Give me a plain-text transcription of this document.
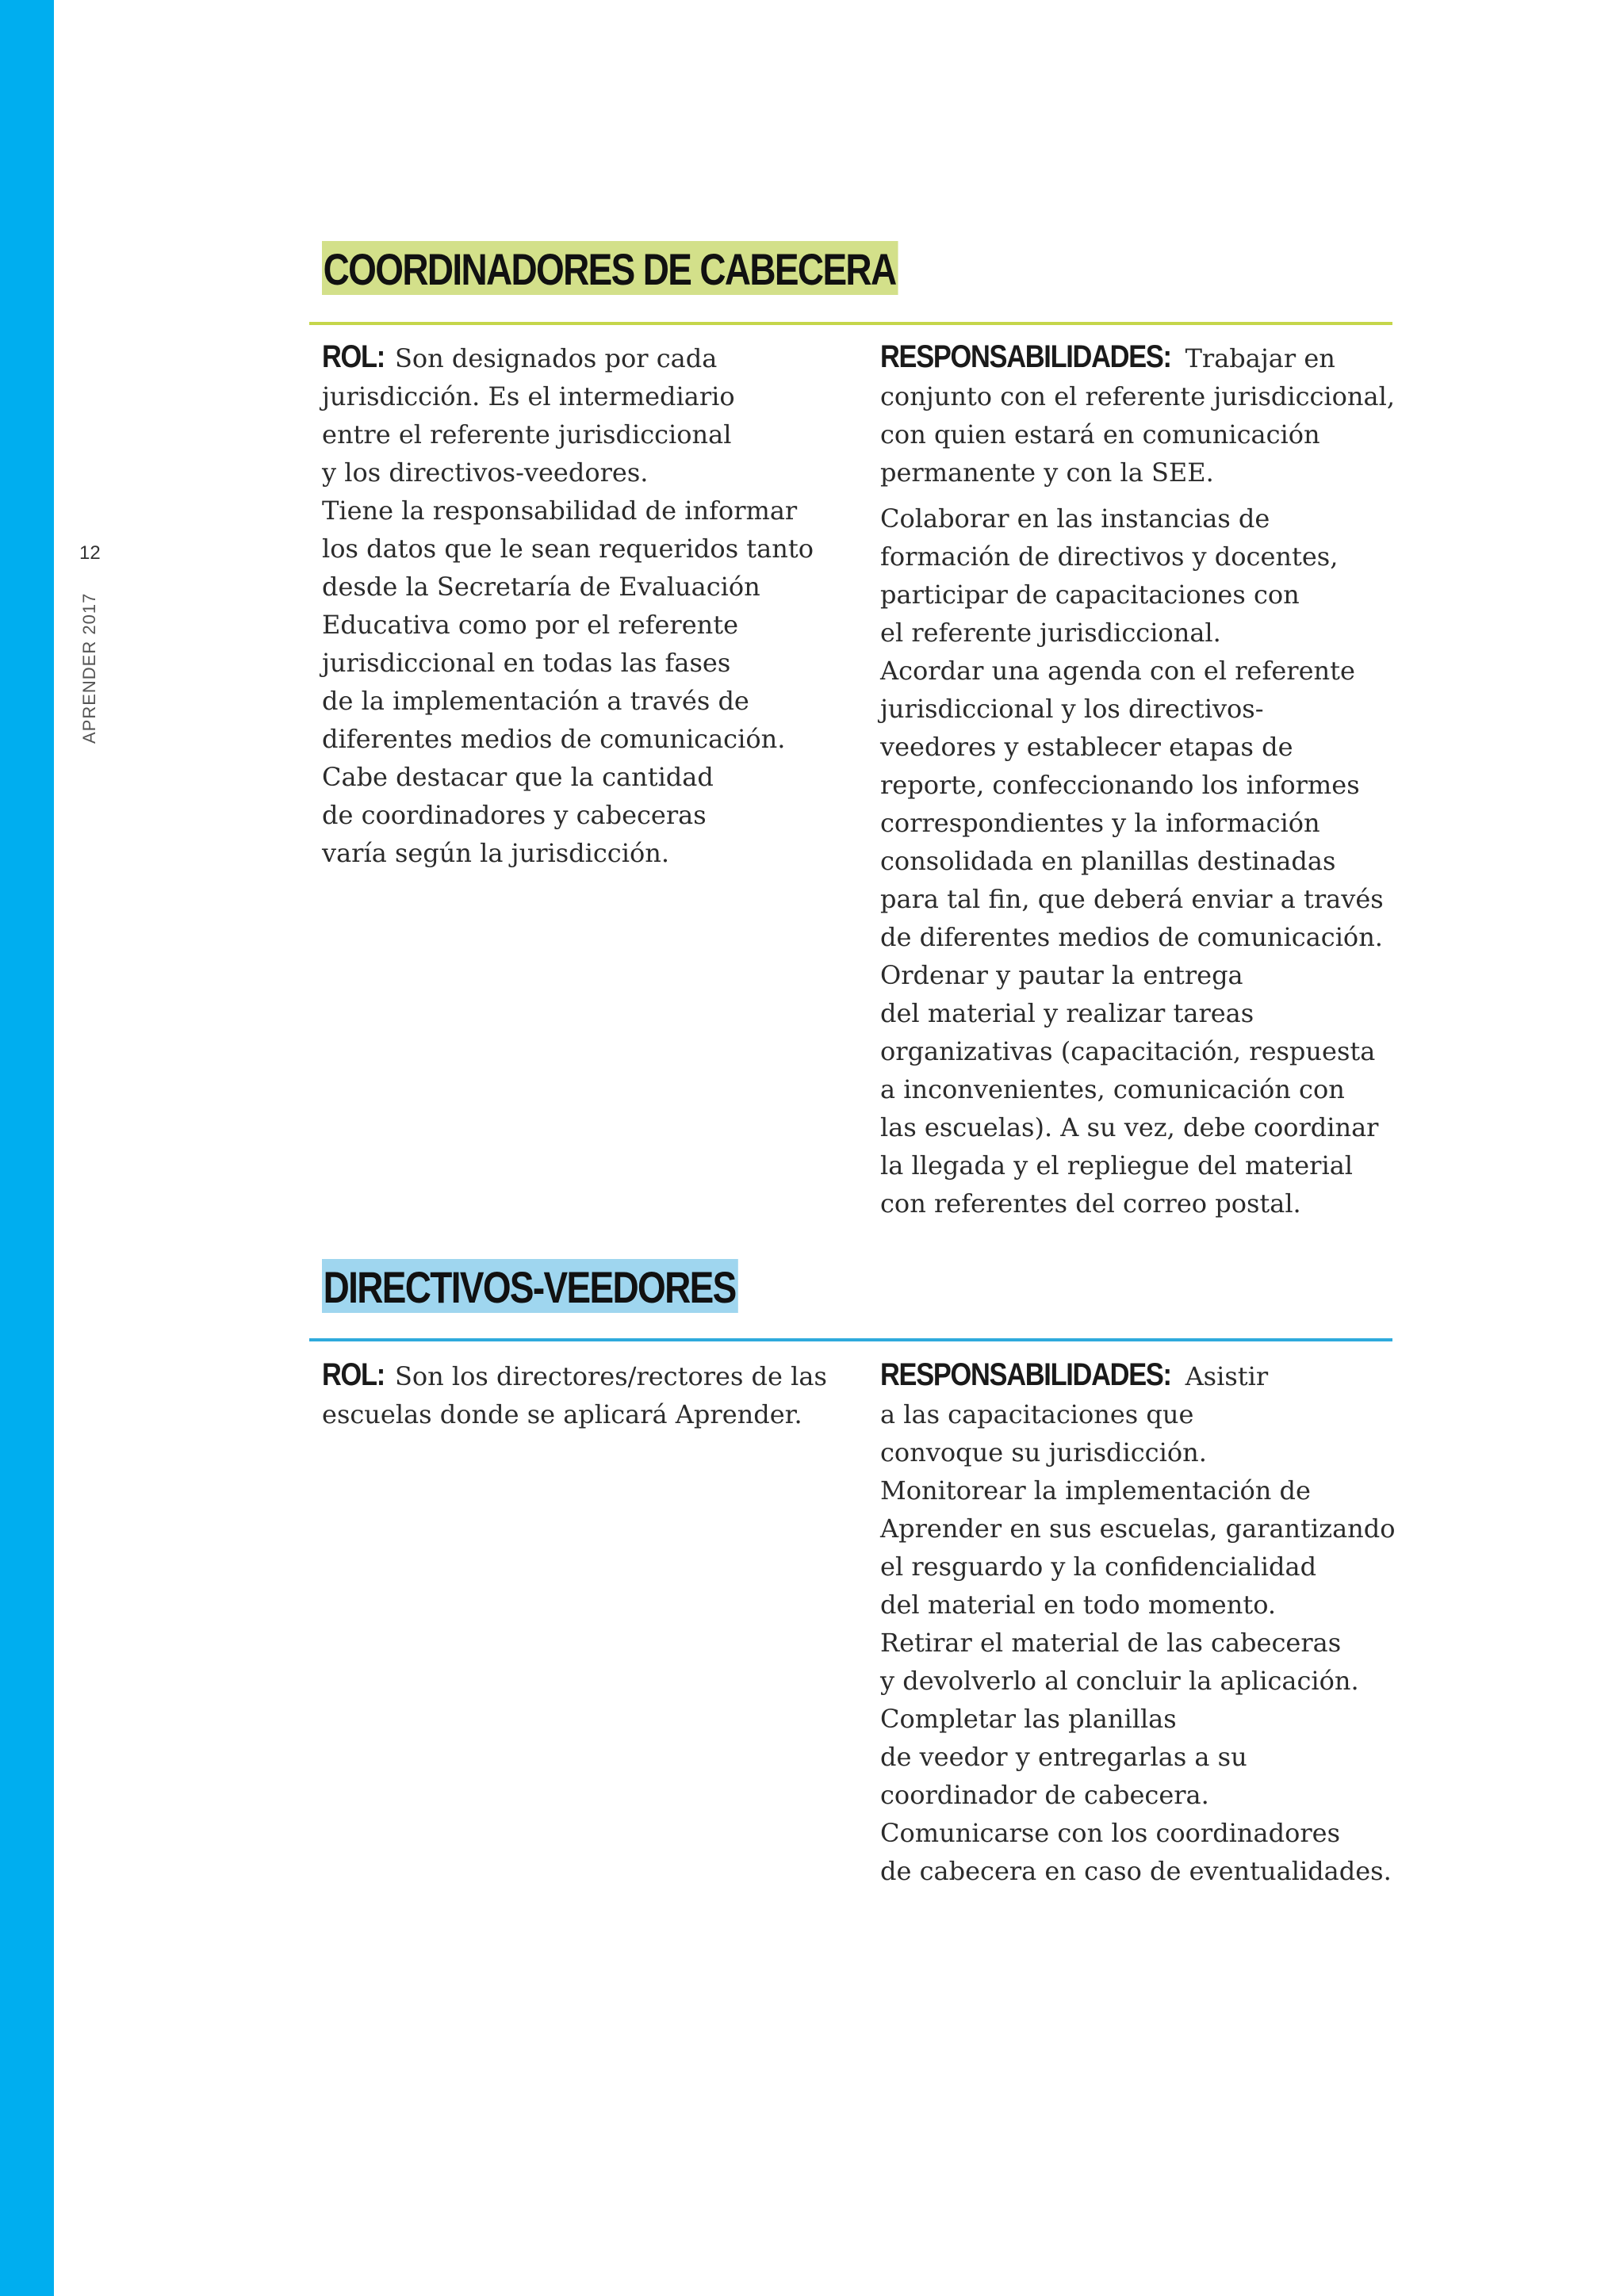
12
APRENDER 2017
COORDINADORES DE CABECERA

ROL: Son designados por cada

jurisdicción. Es el intermediario
entre el referente jurisdiccional
y los directivos-veedores.
Tiene la responsabilidad de informar
los datos que le sean requeridos tanto
desde la Secretaría de Evaluación
Educativa como por el referente
jurisdiccional en todas las fases
de la implementación a través de
diferentes medios de comunicación.
Cabe destacar que la cantidad
de coordinadores y cabeceras
varía según la jurisdicción.

RESPONSABILIDADES: Trabajar en

conjunto con el referente jurisdiccional,
con quien estará en comunicación
permanente y con la SEE.

Colaborar en las instancias de
formación de directivos y docentes,
participar de capacitaciones con
el referente jurisdiccional.
Acordar una agenda con el referente
jurisdiccional y los directivos-
veedores y establecer etapas de
reporte, confeccionando los informes
correspondientes y la información
consolidada en planillas destinadas
para tal fin, que deberá enviar a través
de diferentes medios de comunicación.
Ordenar y pautar la entrega
del material y realizar tareas
organizativas (capacitación, respuesta
a inconvenientes, comunicación con
las escuelas). A su vez, debe coordinar
la llegada y el repliegue del material
con referentes del correo postal.

DIRECTIVOS-VEEDORES

ROL: Son los directores/rectores de las

escuelas donde se aplicará Aprender.

RESPONSABILIDADES: Asistir

a las capacitaciones que
convoque su jurisdicción.
Monitorear la implementación de
Aprender en sus escuelas, garantizando
el resguardo y la confidencialidad
del material en todo momento.
Retirar el material de las cabeceras
y devolverlo al concluir la aplicación.
Completar las planillas
de veedor y entregarlas a su
coordinador de cabecera.
Comunicarse con los coordinadores
de cabecera en caso de eventualidades.
